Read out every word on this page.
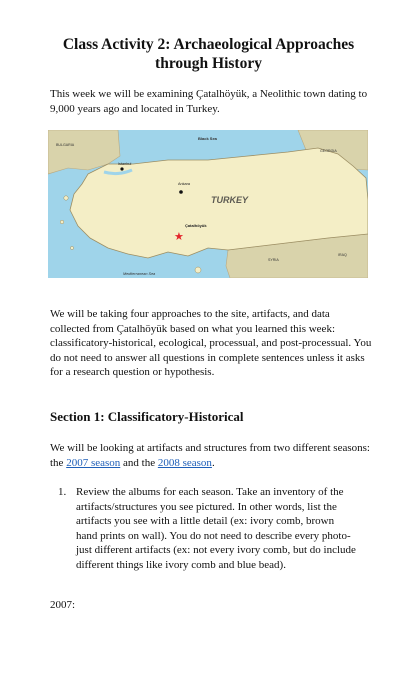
Class Activity 2: Archaeological Approaches through History

This week we will be examining Çatalhöyük, a Neolithic town dating to 9,000 years ago and located in Turkey.

Black Sea
BULGARIA
GEORGIA
Istanbul
Ankara
TURKEY
Çatalhöyük
★
Mediterranean Sea
SYRIA
IRAQ

We will be taking four approaches to the site, artifacts, and data collected from Çatalhöyük based on what you learned this week: classificatory-historical, ecological, processual, and post-processual. You do not need to answer all questions in complete sentences unless it asks for a research question or hypothesis.

Section 1: Classificatory-Historical

We will be looking at artifacts and structures from two different seasons: the 2007 season and the 2008 season.

1. Review the albums for each season. Take an inventory of the artifacts/structures you see pictured. In other words, list the artifacts you see with a little detail (ex: ivory comb, brown hand prints on wall). You do not need to describe every photo- just different artifacts (ex: not every ivory comb, but do include different things like ivory comb and blue bead).

2007:
